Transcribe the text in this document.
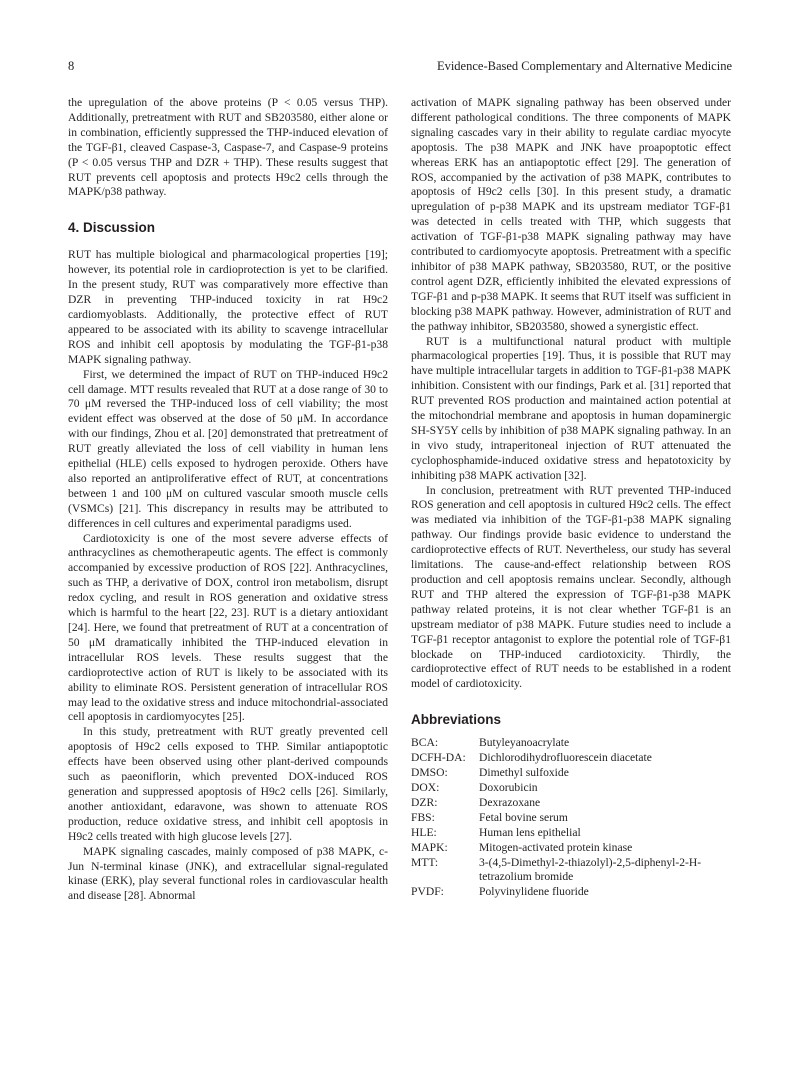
8	Evidence-Based Complementary and Alternative Medicine

the upregulation of the above proteins (P < 0.05 versus THP). Additionally, pretreatment with RUT and SB203580, either alone or in combination, efficiently suppressed the THP-induced elevation of the TGF-β1, cleaved Caspase-3, Caspase-7, and Caspase-9 proteins (P < 0.05 versus THP and DZR + THP). These results suggest that RUT prevents cell apoptosis and protects H9c2 cells through the MAPK/p38 pathway.

4. Discussion

RUT has multiple biological and pharmacological properties [19]; however, its potential role in cardioprotection is yet to be clarified. In the present study, RUT was comparatively more effective than DZR in preventing THP-induced toxicity in rat H9c2 cardiomyoblasts. Additionally, the protective effect of RUT appeared to be associated with its ability to scavenge intracellular ROS and inhibit cell apoptosis by modulating the TGF-β1-p38 MAPK signaling pathway.

First, we determined the impact of RUT on THP-induced H9c2 cell damage. MTT results revealed that RUT at a dose range of 30 to 70 μM reversed the THP-induced loss of cell viability; the most evident effect was observed at the dose of 50 μM. In accordance with our findings, Zhou et al. [20] demonstrated that pretreatment of RUT greatly alleviated the loss of cell viability in human lens epithelial (HLE) cells exposed to hydrogen peroxide. Others have also reported an antiproliferative effect of RUT, at concentrations between 1 and 100 μM on cultured vascular smooth muscle cells (VSMCs) [21]. This discrepancy in results may be attributed to differences in cell cultures and experimental paradigms used.

Cardiotoxicity is one of the most severe adverse effects of anthracyclines as chemotherapeutic agents. The effect is commonly accompanied by excessive production of ROS [22]. Anthracyclines, such as THP, a derivative of DOX, control iron metabolism, disrupt redox cycling, and result in ROS generation and oxidative stress which is harmful to the heart [22, 23]. RUT is a dietary antioxidant [24]. Here, we found that pretreatment of RUT at a concentration of 50 μM dramatically inhibited the THP-induced elevation in intracellular ROS levels. These results suggest that the cardioprotective action of RUT is likely to be associated with its ability to eliminate ROS. Persistent generation of intracellular ROS may lead to the oxidative stress and induce mitochondrial-associated cell apoptosis in cardiomyocytes [25].

In this study, pretreatment with RUT greatly prevented cell apoptosis of H9c2 cells exposed to THP. Similar antiapoptotic effects have been observed using other plant-derived compounds such as paeoniflorin, which prevented DOX-induced ROS generation and suppressed apoptosis of H9c2 cells [26]. Similarly, another antioxidant, edaravone, was shown to attenuate ROS production, reduce oxidative stress, and inhibit cell apoptosis in H9c2 cells treated with high glucose levels [27].

MAPK signaling cascades, mainly composed of p38 MAPK, c-Jun N-terminal kinase (JNK), and extracellular signal-regulated kinase (ERK), play several functional roles in cardiovascular health and disease [28]. Abnormal

activation of MAPK signaling pathway has been observed under different pathological conditions. The three components of MAPK signaling cascades vary in their ability to regulate cardiac myocyte apoptosis. The p38 MAPK and JNK have proapoptotic effect whereas ERK has an antiapoptotic effect [29]. The generation of ROS, accompanied by the activation of p38 MAPK, contributes to apoptosis of H9c2 cells [30]. In this present study, a dramatic upregulation of p-p38 MAPK and its upstream mediator TGF-β1 was detected in cells treated with THP, which suggests that activation of TGF-β1-p38 MAPK signaling pathway may have contributed to cardiomyocyte apoptosis. Pretreatment with a specific inhibitor of p38 MAPK pathway, SB203580, RUT, or the positive control agent DZR, efficiently inhibited the elevated expressions of TGF-β1 and p-p38 MAPK. It seems that RUT itself was sufficient in blocking p38 MAPK pathway. However, administration of RUT and the pathway inhibitor, SB203580, showed a synergistic effect.

RUT is a multifunctional natural product with multiple pharmacological properties [19]. Thus, it is possible that RUT may have multiple intracellular targets in addition to TGF-β1-p38 MAPK inhibition. Consistent with our findings, Park et al. [31] reported that RUT prevented ROS production and maintained action potential at the mitochondrial membrane and apoptosis in human dopaminergic SH-SY5Y cells by inhibition of p38 MAPK signaling pathway. In an in vivo study, intraperitoneal injection of RUT attenuated the cyclophosphamide-induced oxidative stress and hepatotoxicity by inhibiting p38 MAPK activation [32].

In conclusion, pretreatment with RUT prevented THP-induced ROS generation and cell apoptosis in cultured H9c2 cells. The effect was mediated via inhibition of the TGF-β1-p38 MAPK signaling pathway. Our findings provide basic evidence to understand the cardioprotective effects of RUT. Nevertheless, our study has several limitations. The cause-and-effect relationship between ROS production and cell apoptosis remains unclear. Secondly, although RUT and THP altered the expression of TGF-β1-p38 MAPK pathway related proteins, it is not clear whether TGF-β1 is an upstream mediator of p38 MAPK. Future studies need to include a TGF-β1 receptor antagonist to explore the potential role of TGF-β1 blockade on THP-induced cardiotoxicity. Thirdly, the cardioprotective effect of RUT needs to be established in a rodent model of cardiotoxicity.

Abbreviations
BCA:	Butyleyanoacrylate
DCFH-DA:	Dichlorodihydrofluorescein diacetate
DMSO:	Dimethyl sulfoxide
DOX:	Doxorubicin
DZR:	Dexrazoxane
FBS:	Fetal bovine serum
HLE:	Human lens epithelial
MAPK:	Mitogen-activated protein kinase
MTT:	3-(4,5-Dimethyl-2-thiazolyl)-2,5-diphenyl-2-H-tetrazolium bromide
PVDF:	Polyvinylidene fluoride
